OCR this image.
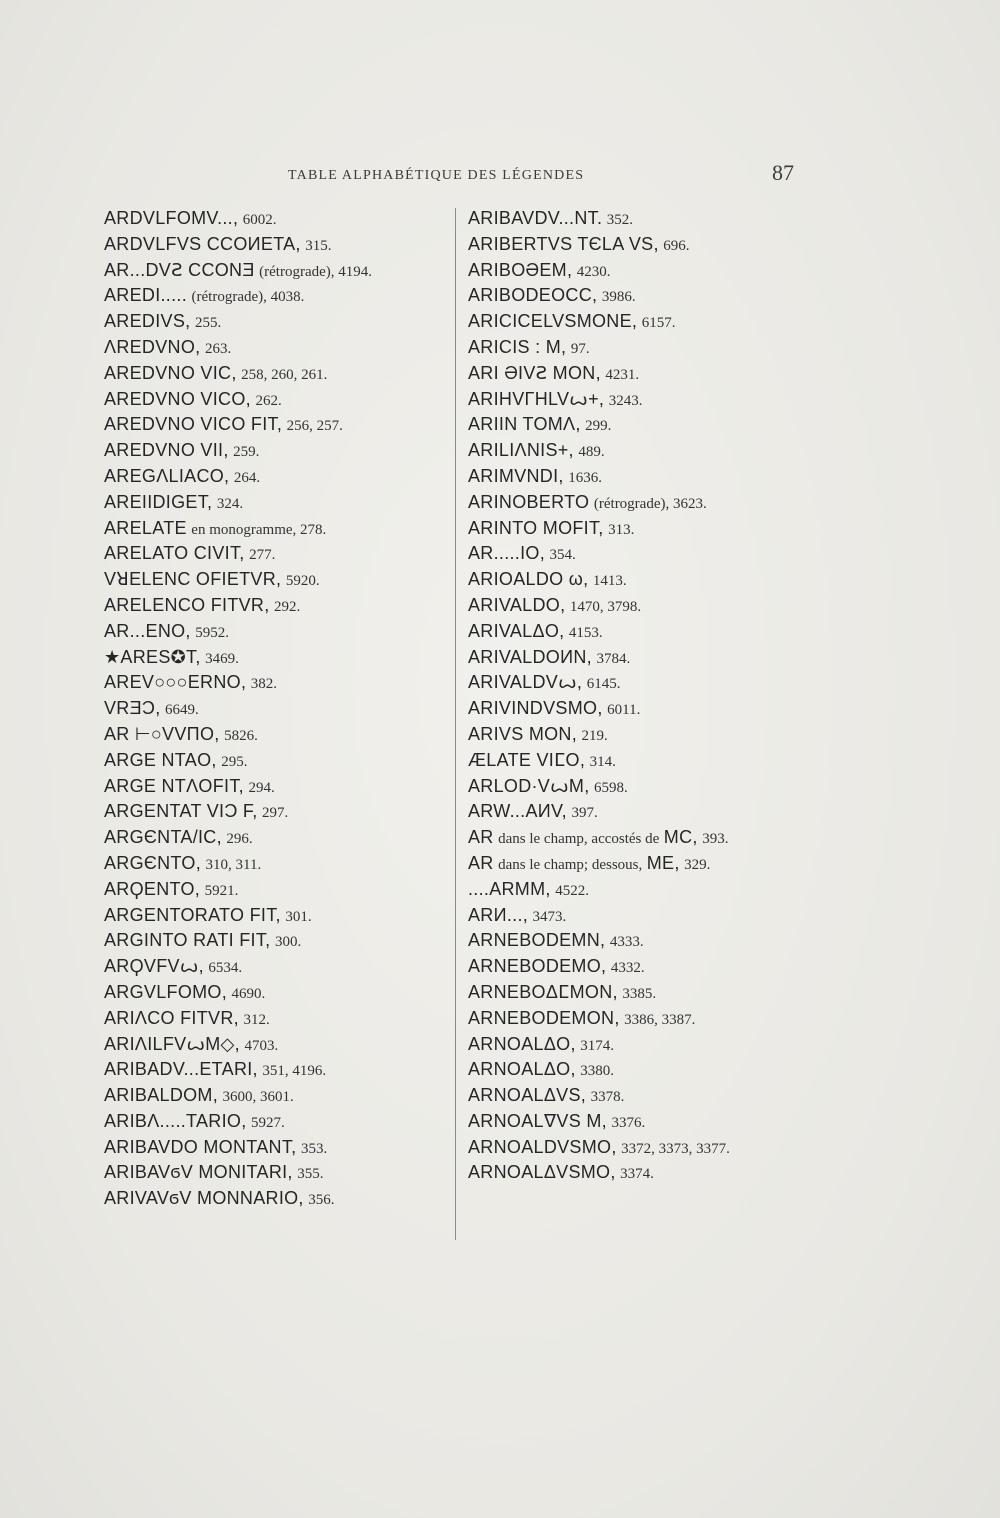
TABLE ALPHABÉTIQUE DES LÉGENDES	87
ARDVLFOMV..., 6002.
ARDVLFVS ϹϹOИETA, 315.
AR...DVꙄ ϹϹONƎ (rétrograde), 4194.
AREDI..... (rétrograde), 4038.
AREDIVS, 255.
ΛREDVNO, 263.
AREDVNO VIC, 258, 260, 261.
AREDVNO VICO, 262.
AREDVNO VICO FIT, 256, 257.
AREDVNO VII, 259.
AREGΛLIACO, 264.
AREIIDIGET, 324.
ARELATE en monogramme, 278.
ARELATO CIVIT, 277.
VꓤELENC OFIETVR, 5920.
ARELENCO FITVR, 292.
AR...ENO, 5952.
★ARES✪T, 3469.
AREV○○○ERNO, 382.
VRƎƆ, 6649.
AR ⊢○VVΠO, 5826.
ARGE NTAO, 295.
ARGE NTΛOFIT, 294.
ARGENTAT VIƆ F, 297.
ARGЄNTA/IC, 296.
ARGЄNTO, 310, 311.
ARϘENTO, 5921.
ARGENTORATO FIT, 301.
ARGINTO RATI FIT, 300.
ARϘVFVꙍ, 6534.
ARGVLFOMO, 4690.
ARIΛCO FITVR, 312.
ARIΛILFVꙍM◇, 4703.
ARIBADV...ETARI, 351, 4196.
ARIBALDOM, 3600, 3601.
ARIBΛ.....TARIO, 5927.
ARIBAVDO MONTANT, 353.
ARIBAVϭV MONITARI, 355.
ARIVAVϭV MONNARIO, 356.
ARIBAVDV...NT. 352.
ARIBERTVS TЄLA VS, 696.
ARIBOƏEM, 4230.
ARIBODEOϹϹ, 3986.
ARICICELVSMONE, 6157.
ARICIS : M, 97.
ARI ƏIVꙄ MON, 4231.
ARIHVΓHLVꙍ+, 3243.
ARIIN TOMΛ, 299.
ARILIΛNIS+, 489.
ARIMVNDI, 1636.
ARINOBERTO (rétrograde), 3623.
ARINTO MOFIT, 313.
AR.....IO, 354.
ARIOALDO ω, 1413.
ARIVALDO, 1470, 3798.
ARIVALΔO, 4153.
ARIVALDOИN, 3784.
ARIVALDVꙍ, 6145.
ARIVINDVSMO, 6011.
ARIVS MON, 219.
ÆLATE VIⵎO, 314.
ARLOD·VꙍM, 6598.
ARW...AИV, 397.
AR dans le champ, accostés de MC, 393.
AR dans le champ; dessous, ME, 329.
....ARMM, 4522.
ARИ..., 3473.
ARNEBODEMN, 4333.
ARNEBODEMO, 4332.
ARNEBOΔⵎMON, 3385.
ARNEBODEMON, 3386, 3387.
ARNOALΔO, 3174.
ARNOALΔO, 3380.
ARNOALΔVS, 3378.
ARNOALᐁVS M, 3376.
ARNOALDVSMO, 3372, 3373, 3377.
ARNOALΔVSMO, 3374.
